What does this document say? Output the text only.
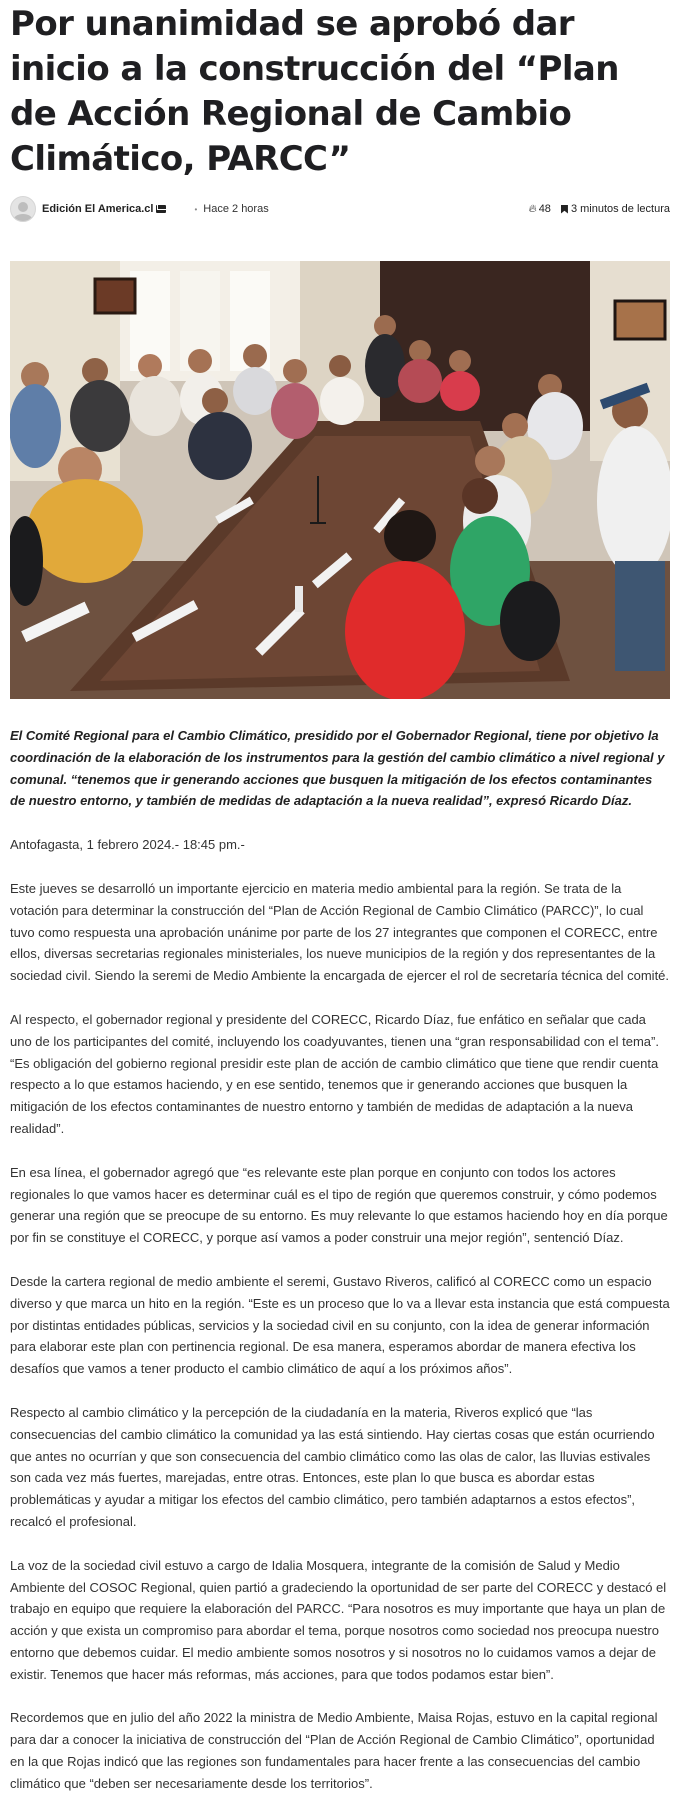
Por unanimidad se aprobó dar inicio a la construcción del “Plan de Acción Regional de Cambio Climático, PARCC”
Edición El America.cl	• Hace 2 horas	🔥︎ 48 3 minutos de lectura

El Comité Regional para el Cambio Climático, presidido por el Gobernador Regional, tiene por objetivo la coordinación de la elaboración de los instrumentos para la gestión del cambio climático a nivel regional y comunal. “tenemos que ir generando acciones que busquen la mitigación de los efectos contaminantes de nuestro entorno, y también de medidas de adaptación a la nueva realidad”, expresó Ricardo Díaz.

Antofagasta, 1 febrero 2024.- 18:45 pm.-

Este jueves se desarrolló un importante ejercicio en materia medio ambiental para la región. Se trata de la votación para determinar la construcción del “Plan de Acción Regional de Cambio Climático (PARCC)”, lo cual tuvo como respuesta una aprobación unánime por parte de los 27 integrantes que componen el CORECC, entre ellos, diversas secretarias regionales ministeriales, los nueve municipios de la región y dos representantes de la sociedad civil. Siendo la seremi de Medio Ambiente la encargada de ejercer el rol de secretaría técnica del comité.

Al respecto, el gobernador regional y presidente del CORECC, Ricardo Díaz, fue enfático en señalar que cada uno de los participantes del comité, incluyendo los coadyuvantes, tienen una “gran responsabilidad con el tema”. “Es obligación del gobierno regional presidir este plan de acción de cambio climático que tiene que rendir cuenta respecto a lo que estamos haciendo, y en ese sentido, tenemos que ir generando acciones que busquen la mitigación de los efectos contaminantes de nuestro entorno y también de medidas de adaptación a la nueva realidad”.

En esa línea, el gobernador agregó que “es relevante este plan porque en conjunto con todos los actores regionales lo que vamos hacer es determinar cuál es el tipo de región que queremos construir, y cómo podemos generar una región que se preocupe de su entorno. Es muy relevante lo que estamos haciendo hoy en día porque por fin se constituye el CORECC, y porque así vamos a poder construir una mejor región”, sentenció Díaz.

Desde la cartera regional de medio ambiente el seremi, Gustavo Riveros, calificó al CORECC como un espacio diverso y que marca un hito en la región. “Este es un proceso que lo va a llevar esta instancia que está compuesta por distintas entidades públicas, servicios y la sociedad civil en su conjunto, con la idea de generar información para elaborar este plan con pertinencia regional. De esa manera, esperamos abordar de manera efectiva los desafíos que vamos a tener producto el cambio climático de aquí a los próximos años”.

Respecto al cambio climático y la percepción de la ciudadanía en la materia, Riveros explicó que “las consecuencias del cambio climático la comunidad ya las está sintiendo. Hay ciertas cosas que están ocurriendo que antes no ocurrían y que son consecuencia del cambio climático como las olas de calor, las lluvias estivales son cada vez más fuertes, marejadas, entre otras. Entonces, este plan lo que busca es abordar estas problemáticas y ayudar a mitigar los efectos del cambio climático, pero también adaptarnos a estos efectos”, recalcó el profesional.

La voz de la sociedad civil estuvo a cargo de Idalia Mosquera, integrante de la comisión de Salud y Medio Ambiente del COSOC Regional, quien partió a gradeciendo la oportunidad de ser parte del CORECC y destacó el trabajo en equipo que requiere la elaboración del PARCC. “Para nosotros es muy importante que haya un plan de acción y que exista un compromiso para abordar el tema, porque nosotros como sociedad nos preocupa nuestro entorno que debemos cuidar. El medio ambiente somos nosotros y si nosotros no lo cuidamos vamos a dejar de existir. Tenemos que hacer más reformas, más acciones, para que todos podamos estar bien”.

Recordemos que en julio del año 2022 la ministra de Medio Ambiente, Maisa Rojas, estuvo en la capital regional para dar a conocer la iniciativa de construcción del “Plan de Acción Regional de Cambio Climático”, oportunidad en la que Rojas indicó que las regiones son fundamentales para hacer frente a las consecuencias del cambio climático que “deben ser necesariamente desde los territorios”.
